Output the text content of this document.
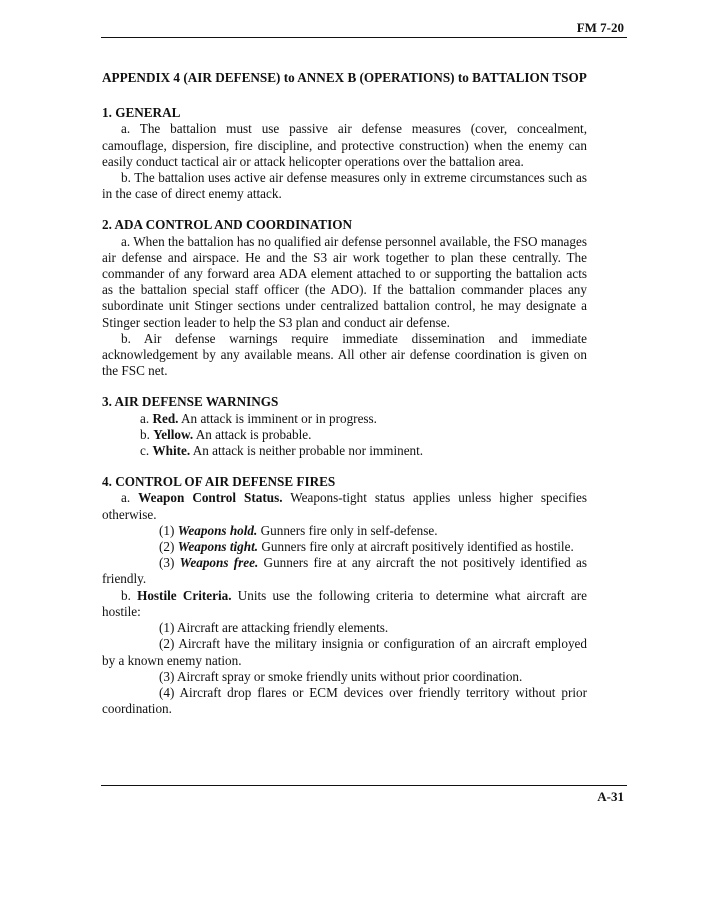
FM 7-20

APPENDIX 4 (AIR DEFENSE) to ANNEX B (OPERATIONS) to BATTALION TSOP

1. GENERAL

a. The battalion must use passive air defense measures (cover, concealment, camouflage, dispersion, fire discipline, and protective construction) when the enemy can easily conduct tactical air or attack helicopter operations over the battalion area.

b. The battalion uses active air defense measures only in extreme circumstances such as in the case of direct enemy attack.

2. ADA CONTROL AND COORDINATION

a. When the battalion has no qualified air defense personnel available, the FSO manages air defense and airspace. He and the S3 air work together to plan these centrally. The commander of any forward area ADA element attached to or supporting the battalion acts as the battalion special staff officer (the ADO). If the battalion commander places any subordinate unit Stinger sections under centralized battalion control, he may designate a Stinger section leader to help the S3 plan and conduct air defense.

b. Air defense warnings require immediate dissemination and immediate acknowledgement by any available means. All other air defense coordination is given on the FSC net.

3. AIR DEFENSE WARNINGS

a. Red. An attack is imminent or in progress.

b. Yellow. An attack is probable.

c. White. An attack is neither probable nor imminent.

4. CONTROL OF AIR DEFENSE FIRES

a. Weapon Control Status. Weapons-tight status applies unless higher specifies otherwise.

(1) Weapons hold. Gunners fire only in self-defense.

(2) Weapons tight. Gunners fire only at aircraft positively identified as hostile.

(3) Weapons free. Gunners fire at any aircraft the not positively identified as friendly.

b. Hostile Criteria. Units use the following criteria to determine what aircraft are hostile:

(1) Aircraft are attacking friendly elements.

(2) Aircraft have the military insignia or configuration of an aircraft employed by a known enemy nation.

(3) Aircraft spray or smoke friendly units without prior coordination.

(4) Aircraft drop flares or ECM devices over friendly territory without prior coordination.

A-31
